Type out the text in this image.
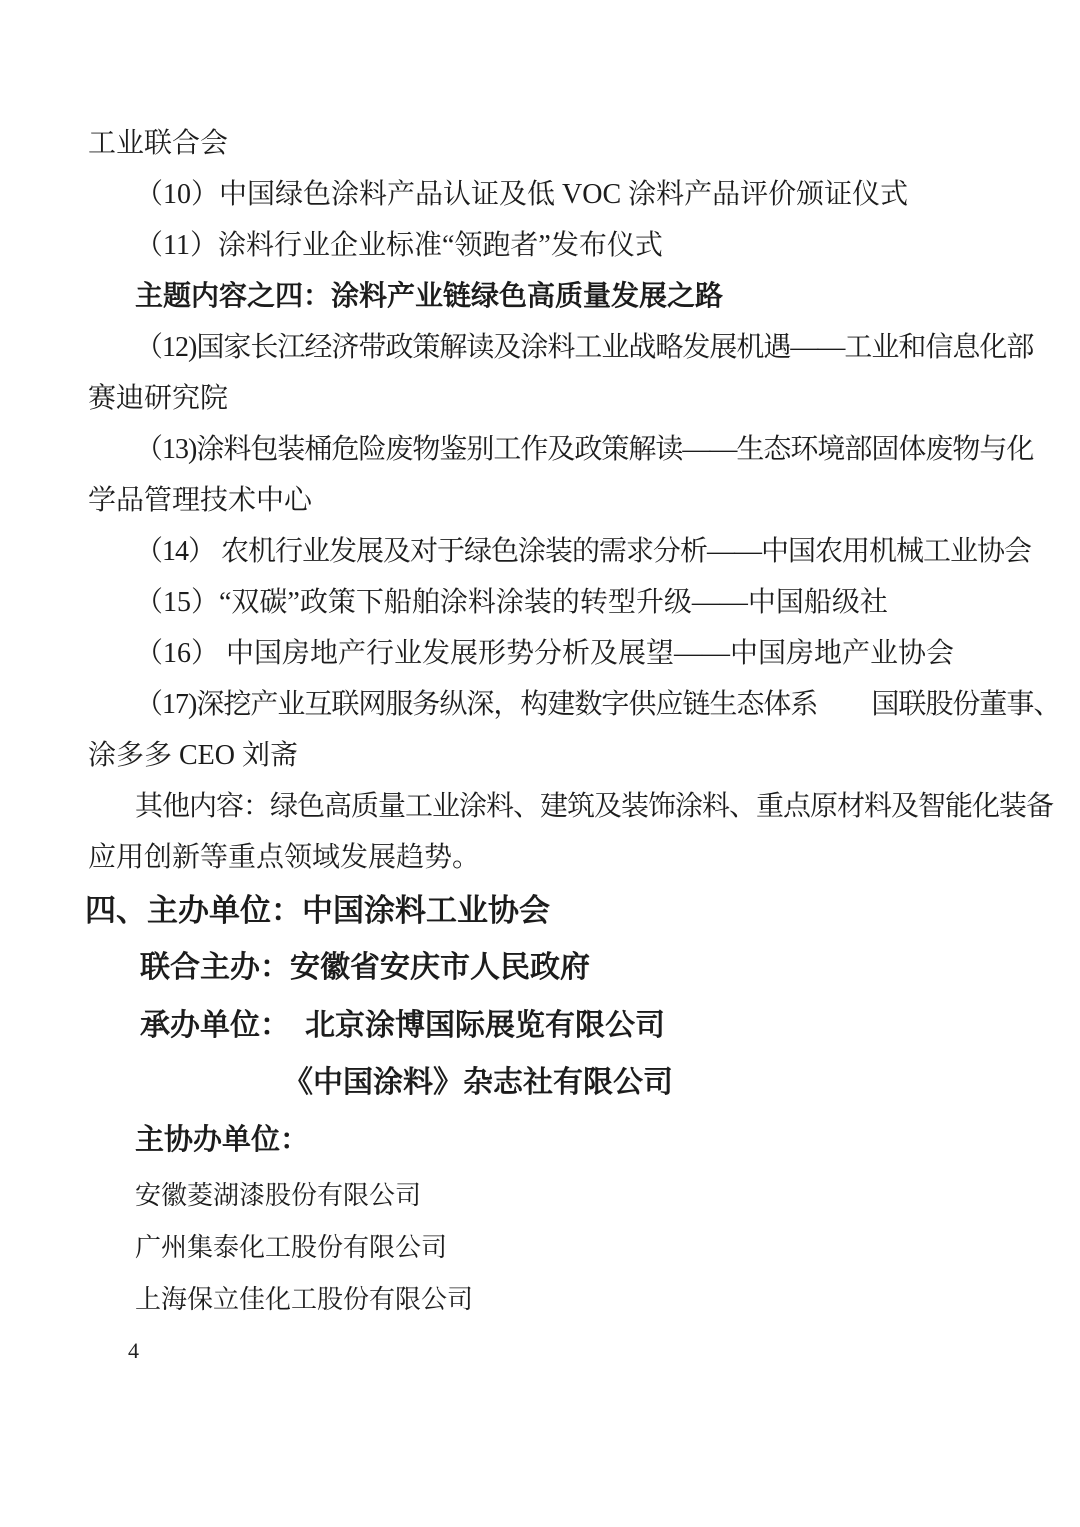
工业联合会
（10）中国绿色涂料产品认证及低 VOC 涂料产品评价颁证仪式
（11）涂料行业企业标准“领跑者”发布仪式
主题内容之四：涂料产业链绿色高质量发展之路
（12)国家长江经济带政策解读及涂料工业战略发展机遇——工业和信息化部
赛迪研究院
（13)涂料包装桶危险废物鉴别工作及政策解读——生态环境部固体废物与化
学品管理技术中心
（14） 农机行业发展及对于绿色涂装的需求分析——中国农用机械工业协会
（15）“双碳”政策下船舶涂料涂装的转型升级——中国船级社
（16） 中国房地产行业发展形势分析及展望——中国房地产业协会
（17)深挖产业互联网服务纵深，构建数字供应链生态体系　　国联股份董事、
涂多多 CEO 刘斋
其他内容：绿色高质量工业涂料、建筑及装饰涂料、重点原材料及智能化装备
应用创新等重点领域发展趋势。
四、主办单位：中国涂料工业协会
联合主办：安徽省安庆市人民政府
承办单位：　北京涂博国际展览有限公司
《中国涂料》杂志社有限公司
主协办单位：
安徽菱湖漆股份有限公司
广州集泰化工股份有限公司
上海保立佳化工股份有限公司
4
